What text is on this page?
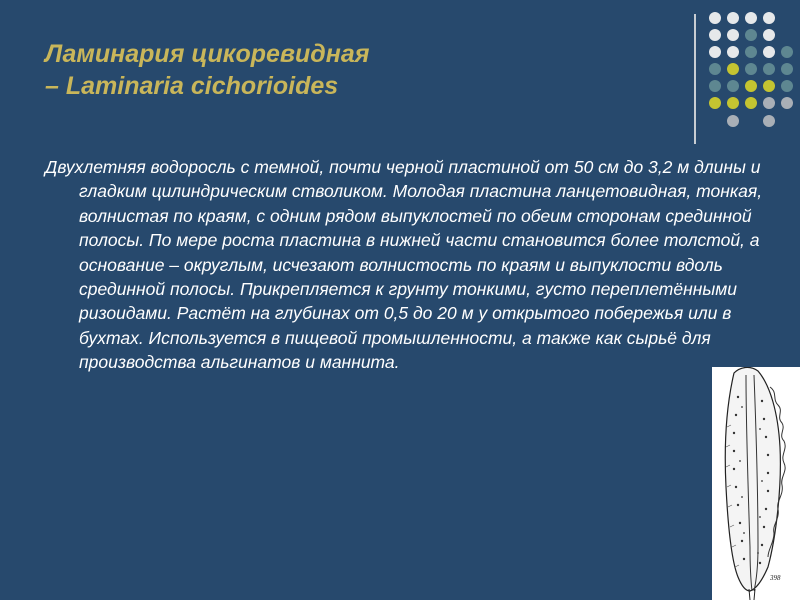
Ламинария цикоревидная
– Laminaria cichorioides

Двухлетняя водоросль с темной, почти черной пластиной от 50 см до 3,2 м длины и гладким цилиндрическим стволиком. Молодая пластина ланцетовидная, тонкая, волнистая по краям, с одним рядом выпуклостей по обеим сторонам срединной полосы. По мере роста пластина в нижней части становится более толстой, а основание – округлым, исчезают волнистость по краям и выпуклости вдоль срединной полосы. Прикрепляется к грунту тонкими, густо переплетёнными ризоидами. Растёт на глубинах от 0,5 до 20 м у открытого побережья или в бухтах. Используется в пищевой промышленности, а также как сырьё для производства альгинатов и маннита.

398
